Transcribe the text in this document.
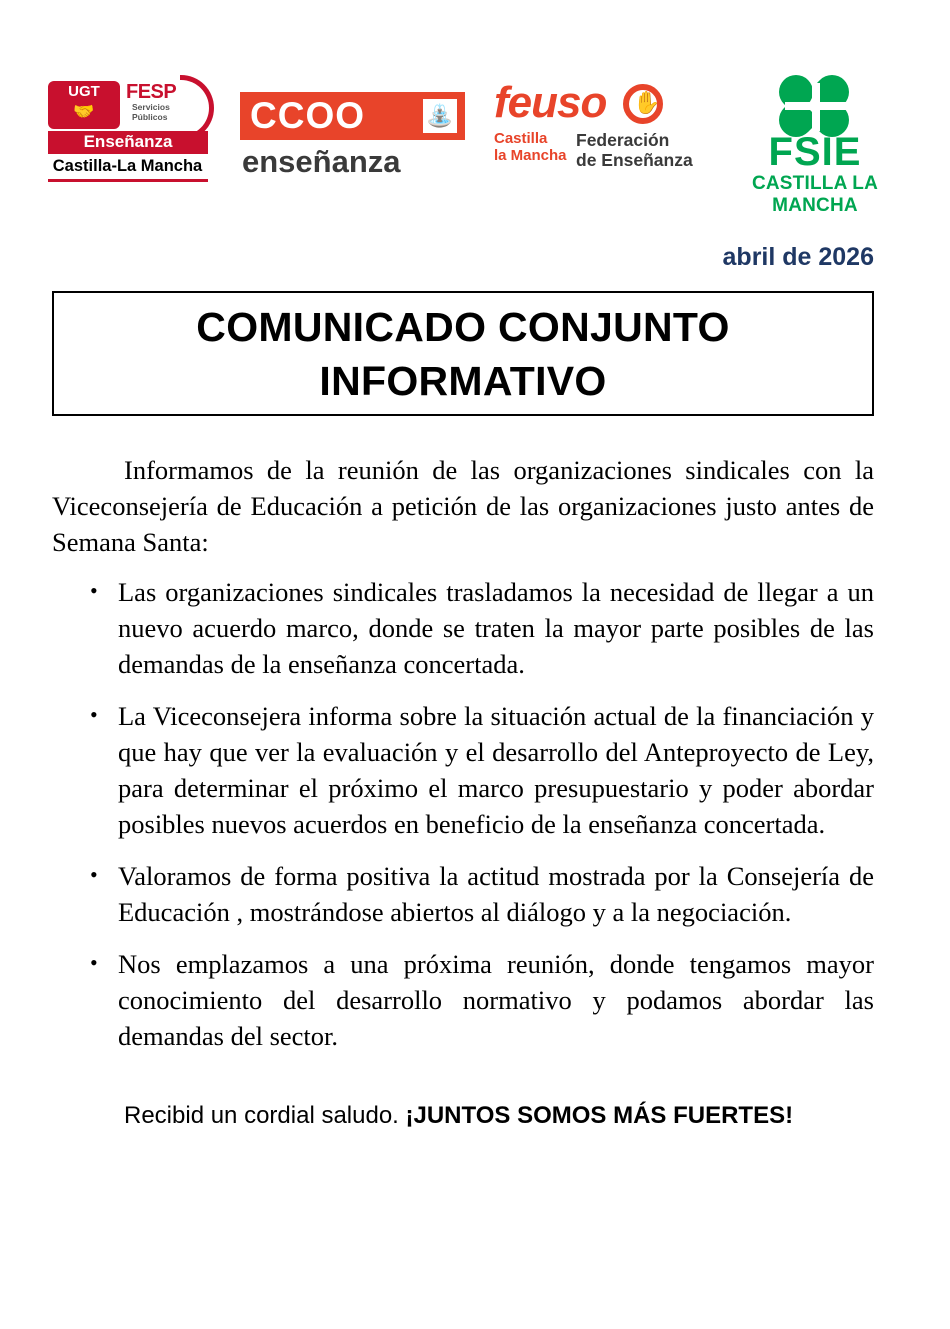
UGT
🤝
FESP
Servicios
Públicos
Enseñanza
Castilla-La Mancha
CCOO	⛲
enseñanza
feuso ✋
Castilla
la Mancha
Federación
de Enseñanza	FSIE
CASTILLA LA MANCHA
abril de 2026
COMUNICADO CONJUNTO INFORMATIVO

Informamos de la reunión de las organizaciones sindicales con la Viceconsejería de Educación a petición de las organizaciones justo antes de Semana Santa:

• Las organizaciones sindicales trasladamos la necesidad de llegar a un nuevo acuerdo marco, donde se traten la mayor parte posibles de las demandas de la enseñanza concertada.
• La Viceconsejera informa sobre la situación actual de la financiación y que hay que ver la evaluación y el desarrollo del Anteproyecto de Ley, para determinar el próximo el marco presupuestario y poder abordar posibles nuevos acuerdos en beneficio de la enseñanza concertada.
• Valoramos de forma positiva la actitud mostrada por la Consejería de Educación , mostrándose abiertos al diálogo y a la negociación.
• Nos emplazamos a una próxima reunión, donde tengamos mayor conocimiento del desarrollo normativo y podamos abordar las demandas del sector.

Recibid un cordial saludo. ¡JUNTOS SOMOS MÁS FUERTES!
